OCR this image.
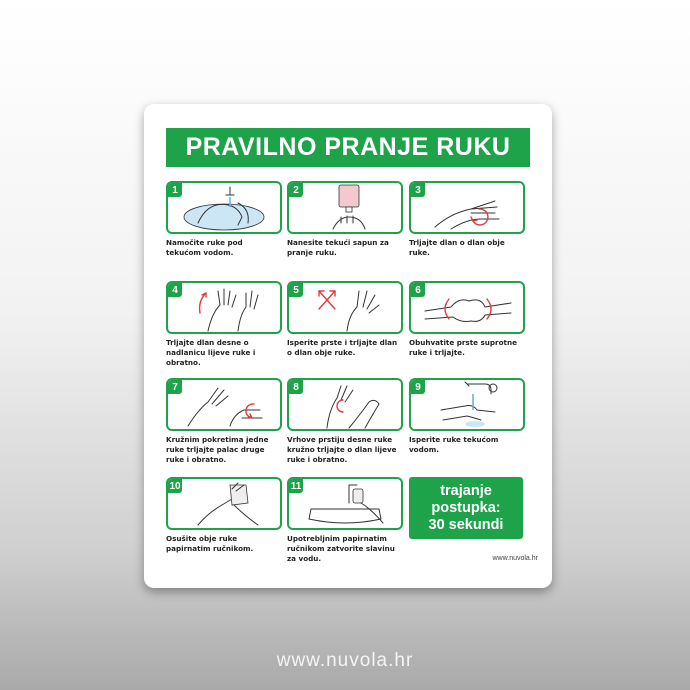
PRAVILNO PRANJE RUKU
1
Namočite ruke pod tekućom vodom.
2
Nanesite tekući sapun za pranje ruku.
3
Trljajte dlan o dlan obje ruke.
4
Trljajte dlan desne o nadlanicu lijeve ruke i obratno.
5
Isperite prste i trljajte dlan o dlan obje ruke.
6
Obuhvatite prste suprotne ruke i trljajte.
7
Kružnim pokretima jedne ruke trljajte palac druge ruke i obratno.
8
Vrhove prstiju desne ruke kružno trljajte o dlan lijeve ruke i obratno.
9
Isperite ruke tekućom vodom.
10
Osušite obje ruke papirnatim ručnikom.
11
Upotrebljnim papirnatim ručnikom zatvorite slavinu za vodu.
trajanje
postupka:
30 sekundi
www.nuvola.hr
www.nuvola.hr
